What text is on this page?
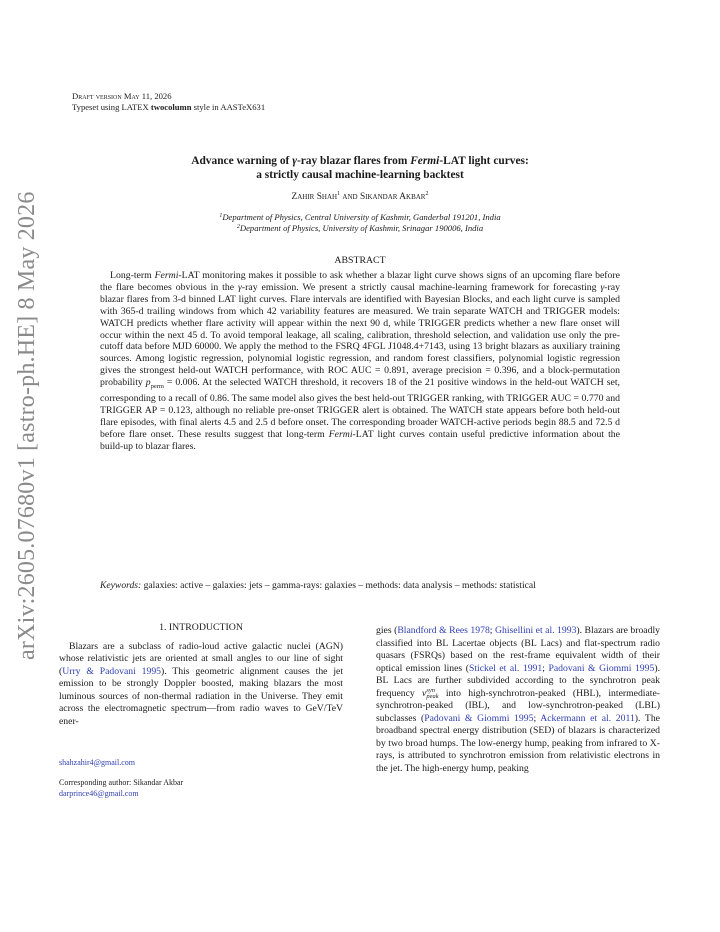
arXiv:2605.07680v1 [astro-ph.HE] 8 May 2026
Draft version May 11, 2026
Typeset using LATEX twocolumn style in AASTeX631
Advance warning of γ-ray blazar flares from Fermi-LAT light curves:
a strictly causal machine-learning backtest
Zahir Shah$^1$ and Sikandar Akbar$^2$
$^1$Department of Physics, Central University of Kashmir, Ganderbal 191201, India
$^2$Department of Physics, University of Kashmir, Srinagar 190006, India
ABSTRACT

Long-term Fermi-LAT monitoring makes it possible to ask whether a blazar light curve shows signs of an upcoming flare before the flare becomes obvious in the γ-ray emission. We present a strictly causal machine-learning framework for forecasting γ-ray blazar flares from 3-d binned LAT light curves. Flare intervals are identified with Bayesian Blocks, and each light curve is sampled with 365-d trailing windows from which 42 variability features are measured. We train separate WATCH and TRIGGER models: WATCH predicts whether flare activity will appear within the next 90 d, while TRIGGER predicts whether a new flare onset will occur within the next 45 d. To avoid temporal leakage, all scaling, calibration, threshold selection, and validation use only the pre-cutoff data before MJD 60000. We apply the method to the FSRQ 4FGL J1048.4+7143, using 13 bright blazars as auxiliary training sources. Among logistic regression, polynomial logistic regression, and random forest classifiers, polynomial logistic regression gives the strongest held-out WATCH performance, with ROC AUC = 0.891, average precision = 0.396, and a block-permutation probability $p_{perm} = 0.006$. At the selected WATCH threshold, it recovers 18 of the 21 positive windows in the held-out WATCH set, corresponding to a recall of 0.86. The same model also gives the best held-out TRIGGER ranking, with TRIGGER AUC = 0.770 and TRIGGER AP = 0.123, although no reliable pre-onset TRIGGER alert is obtained. The WATCH state appears before both held-out flare episodes, with final alerts 4.5 and 2.5 d before onset. The corresponding broader WATCH-active periods begin 88.5 and 72.5 d before flare onset. These results suggest that long-term Fermi-LAT light curves contain useful predictive information about the build-up to blazar flares.

Keywords: galaxies: active – galaxies: jets – gamma-rays: galaxies – methods: data analysis – methods: statistical
1. INTRODUCTION

Blazars are a subclass of radio-loud active galactic nuclei (AGN) whose relativistic jets are oriented at small angles to our line of sight (Urry & Padovani 1995). This geometric alignment causes the jet emission to be strongly Doppler boosted, making blazars the most luminous sources of non-thermal radiation in the Universe. They emit across the electromagnetic spectrum—from radio waves to GeV/TeV ener-

gies (Blandford & Rees 1978; Ghisellini et al. 1993). Blazars are broadly classified into BL Lacertae objects (BL Lacs) and flat-spectrum radio quasars (FSRQs) based on the rest-frame equivalent width of their optical emission lines (Stickel et al. 1991; Padovani & Giommi 1995). BL Lacs are further subdivided according to the synchrotron peak frequency ν syn
peak into high-synchrotron-peaked (HBL), intermediate-synchrotron-peaked (IBL), and low-synchrotron-peaked (LBL) subclasses (Padovani & Giommi 1995; Ackermann et al. 2011). The broadband spectral energy distribution (SED) of blazars is characterized by two broad humps. The low-energy hump, peaking from infrared to X-rays, is attributed to synchrotron emission from relativistic electrons in the jet. The high-energy hump, peaking

shahzahir4@gmail.com
Corresponding author: Sikandar Akbar
darprince46@gmail.com
